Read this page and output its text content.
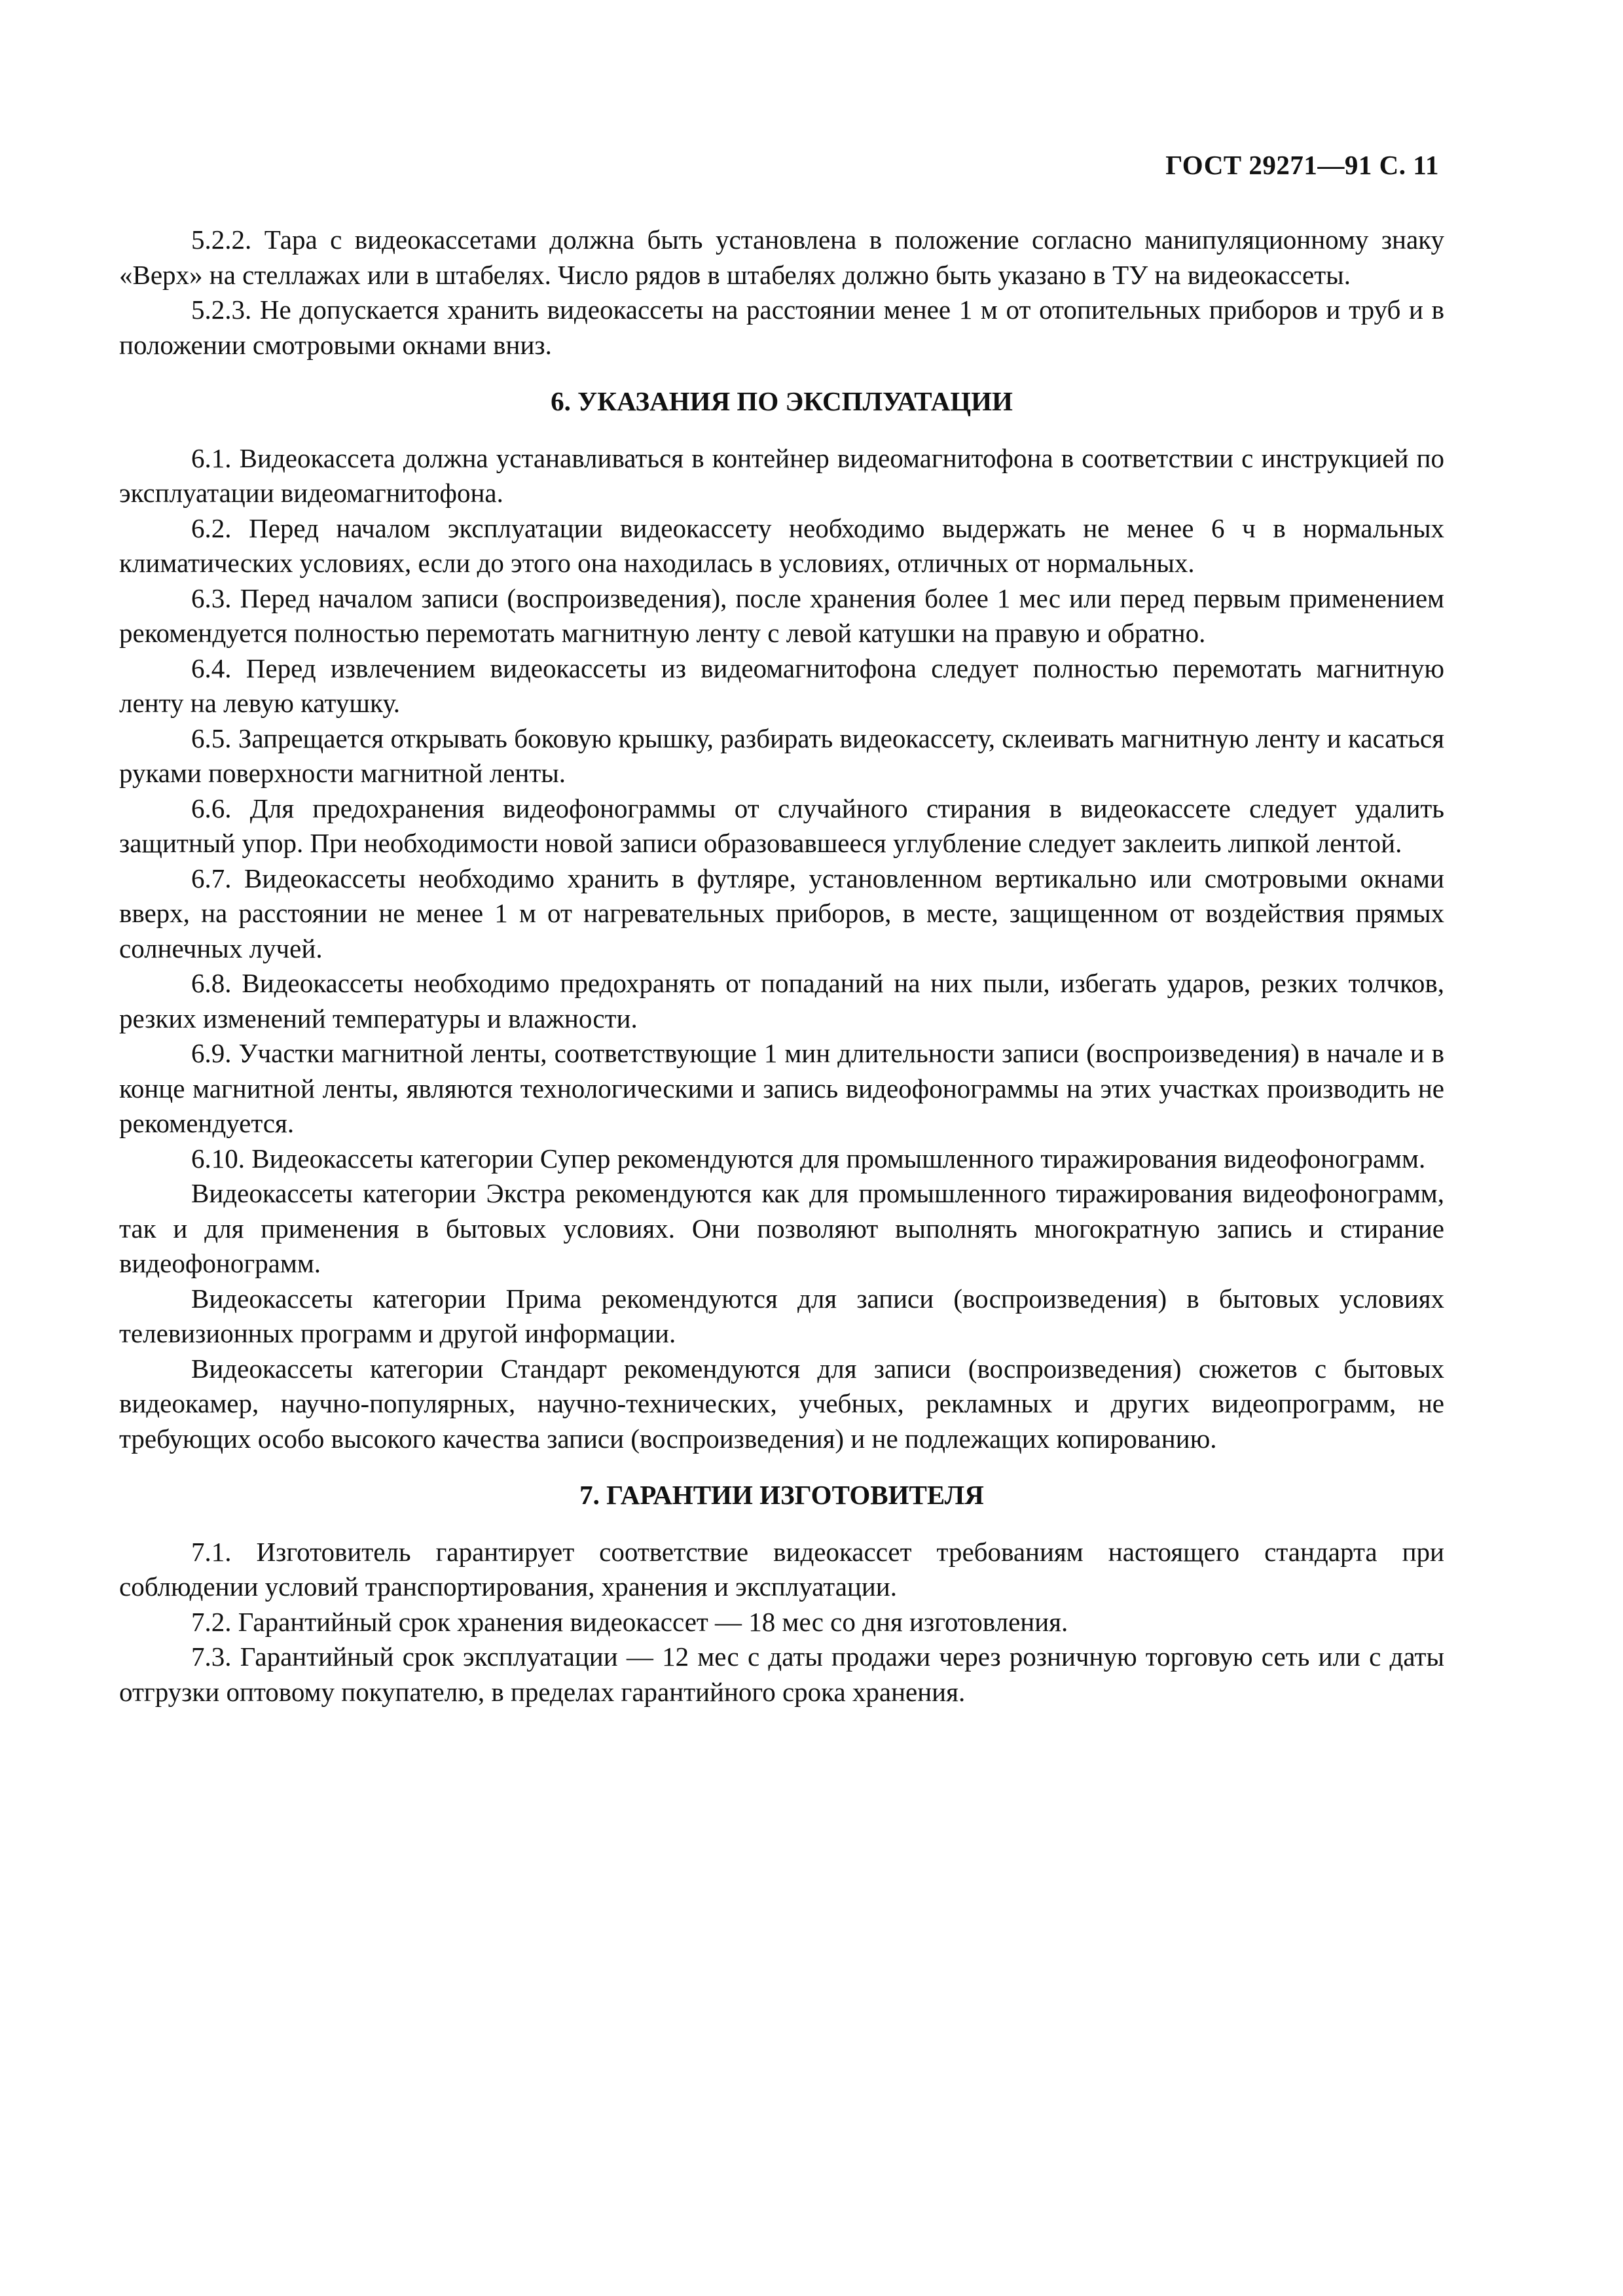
ГОСТ 29271—91 С. 11

5.2.2. Тара с видеокассетами должна быть установлена в положение согласно манипуляционному знаку «Верх» на стеллажах или в штабелях. Число рядов в штабелях должно быть указано в ТУ на видеокассеты.

5.2.3. Не допускается хранить видеокассеты на расстоянии менее 1 м от отопительных приборов и труб и в положении смотровыми окнами вниз.

6. УКАЗАНИЯ ПО ЭКСПЛУАТАЦИИ

6.1. Видеокассета должна устанавливаться в контейнер видеомагнитофона в соответствии с инструкцией по эксплуатации видеомагнитофона.

6.2. Перед началом эксплуатации видеокассету необходимо выдержать не менее 6 ч в нормальных климатических условиях, если до этого она находилась в условиях, отличных от нормальных.

6.3. Перед началом записи (воспроизведения), после хранения более 1 мес или перед первым применением рекомендуется полностью перемотать магнитную ленту с левой катушки на правую и обратно.

6.4. Перед извлечением видеокассеты из видеомагнитофона следует полностью перемотать магнитную ленту на левую катушку.

6.5. Запрещается открывать боковую крышку, разбирать видеокассету, склеивать магнитную ленту и касаться руками поверхности магнитной ленты.

6.6. Для предохранения видеофонограммы от случайного стирания в видеокассете следует удалить защитный упор. При необходимости новой записи образовавшееся углубление следует заклеить липкой лентой.

6.7. Видеокассеты необходимо хранить в футляре, установленном вертикально или смотровыми окнами вверх, на расстоянии не менее 1 м от нагревательных приборов, в месте, защищенном от воздействия прямых солнечных лучей.

6.8. Видеокассеты необходимо предохранять от попаданий на них пыли, избегать ударов, резких толчков, резких изменений температуры и влажности.

6.9. Участки магнитной ленты, соответствующие 1 мин длительности записи (воспроизведения) в начале и в конце магнитной ленты, являются технологическими и запись видеофонограммы на этих участках производить не рекомендуется.

6.10. Видеокассеты категории Супер рекомендуются для промышленного тиражирования видеофонограмм.

Видеокассеты категории Экстра рекомендуются как для промышленного тиражирования видеофонограмм, так и для применения в бытовых условиях. Они позволяют выполнять многократную запись и стирание видеофонограмм.

Видеокассеты категории Прима рекомендуются для записи (воспроизведения) в бытовых условиях телевизионных программ и другой информации.

Видеокассеты категории Стандарт рекомендуются для записи (воспроизведения) сюжетов с бытовых видеокамер, научно-популярных, научно-технических, учебных, рекламных и других видеопрограмм, не требующих особо высокого качества записи (воспроизведения) и не подлежащих копированию.

7. ГАРАНТИИ ИЗГОТОВИТЕЛЯ

7.1. Изготовитель гарантирует соответствие видеокассет требованиям настоящего стандарта при соблюдении условий транспортирования, хранения и эксплуатации.

7.2. Гарантийный срок хранения видеокассет — 18 мес со дня изготовления.

7.3. Гарантийный срок эксплуатации — 12 мес с даты продажи через розничную торговую сеть или с даты отгрузки оптовому покупателю, в пределах гарантийного срока хранения.
